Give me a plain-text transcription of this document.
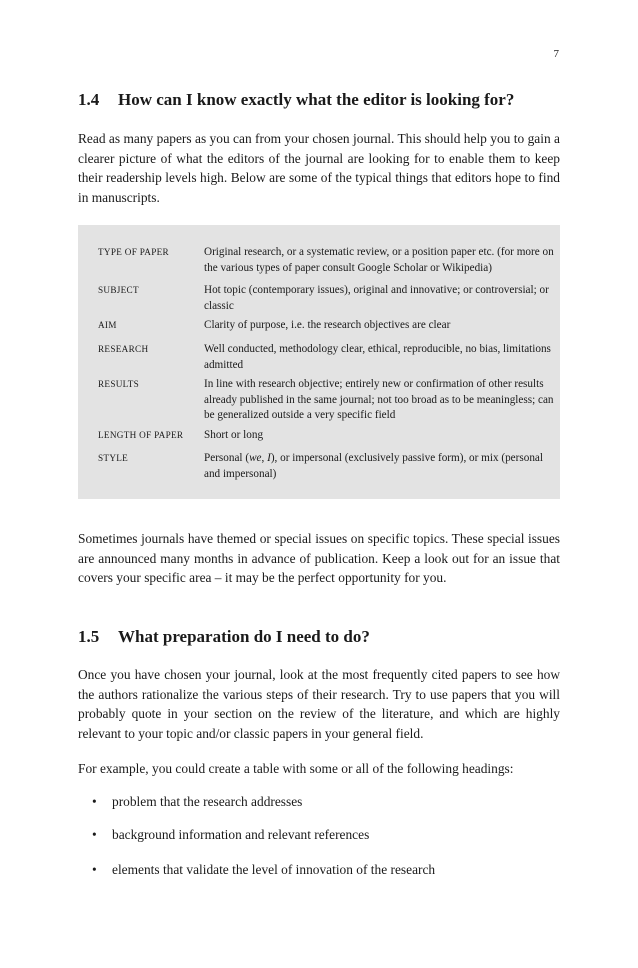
7
1.4 How can I know exactly what the editor is looking for?

Read as many papers as you can from your chosen journal. This should help you to gain a clearer picture of what the editors of the journal are looking for to enable them to keep their readership levels high. Below are some of the typical things that editors hope to find in manuscripts.

TYPE OF PAPER	Original research, or a systematic review, or a position paper etc. (for more on the various types of paper consult Google Scholar or Wikipedia)
SUBJECT	Hot topic (contemporary issues), original and innovative; or controversial; or classic
AIM	Clarity of purpose, i.e. the research objectives are clear
RESEARCH	Well conducted, methodology clear, ethical, reproducible, no bias, limitations admitted
RESULTS	In line with research objective; entirely new or confirmation of other results already published in the same journal; not too broad as to be meaningless; can be generalized outside a very specific field
LENGTH OF PAPER Short or long
STYLE	Personal (we, I), or impersonal (exclusively passive form), or mix (personal and impersonal)

Sometimes journals have themed or special issues on specific topics. These special issues are announced many months in advance of publication. Keep a look out for an issue that covers your specific area – it may be the perfect opportunity for you.

1.5 What preparation do I need to do?

Once you have chosen your journal, look at the most frequently cited papers to see how the authors rationalize the various steps of their research. Try to use papers that you will probably quote in your section on the review of the literature, and which are highly relevant to your topic and/or classic papers in your general field.

For example, you could create a table with some or all of the following headings:

• problem that the research addresses
• background information and relevant references
• elements that validate the level of innovation of the research
